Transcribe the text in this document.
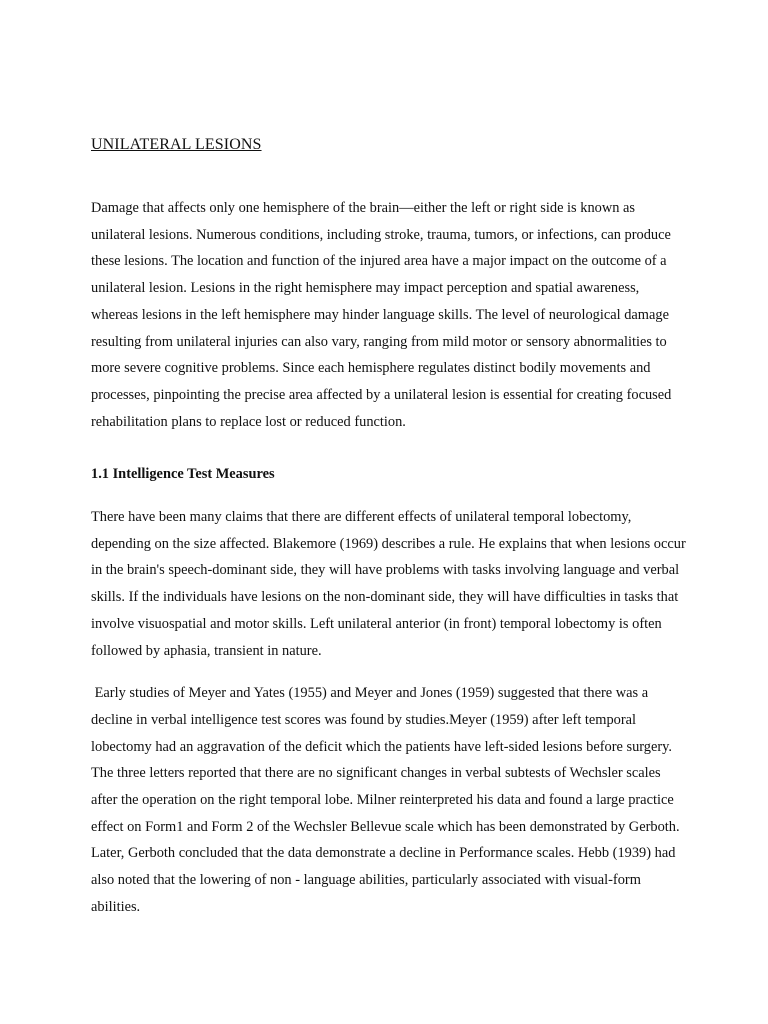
UNILATERAL LESIONS

Damage that affects only one hemisphere of the brain—either the left or right side is known as unilateral lesions. Numerous conditions, including stroke, trauma, tumors, or infections, can produce these lesions. The location and function of the injured area have a major impact on the outcome of a unilateral lesion. Lesions in the right hemisphere may impact perception and spatial awareness, whereas lesions in the left hemisphere may hinder language skills. The level of neurological damage resulting from unilateral injuries can also vary, ranging from mild motor or sensory abnormalities to more severe cognitive problems. Since each hemisphere regulates distinct bodily movements and processes, pinpointing the precise area affected by a unilateral lesion is essential for creating focused rehabilitation plans to replace lost or reduced function.

1.1 Intelligence Test Measures

There have been many claims that there are different effects of unilateral temporal lobectomy, depending on the size affected. Blakemore (1969) describes a rule. He explains that when lesions occur in the brain's speech-dominant side, they will have problems with tasks involving language and verbal skills. If the individuals have lesions on the non-dominant side, they will have difficulties in tasks that involve visuospatial and motor skills. Left unilateral anterior (in front) temporal lobectomy is often followed by aphasia, transient in nature.

Early studies of Meyer and Yates (1955) and Meyer and Jones (1959) suggested that there was a decline in verbal intelligence test scores was found by studies.Meyer (1959) after left temporal lobectomy had an aggravation of the deficit which the patients have left-sided lesions before surgery.  The three letters reported that there are no significant changes in verbal subtests of Wechsler scales after the operation on the right temporal lobe. Milner reinterpreted his data and found a large practice effect on Form1 and Form 2 of the Wechsler Bellevue scale which has been demonstrated by Gerboth. Later, Gerboth concluded that the data demonstrate a decline in Performance scales. Hebb (1939) had also noted that the lowering of non - language abilities, particularly associated with visual-form abilities.
